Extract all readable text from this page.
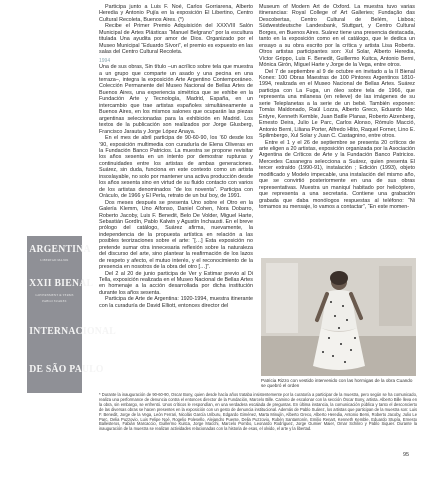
ARGENTINA
LIBERTAD MAJOR
XXII BIENAL
GOVERNMENT & TERMS
PABLO SUAREZ
INTERNACIONAL
DE SÃO PAULO

Participa junto a Luis F. Noé, Carlos Gorriarena, Alberto Heredia y Antonio Pujía en la exposición El Libertino, Centro Cultural Recoleta, Buenos Aires. (*)

Recibe el Primer Premio Adquisición del XXXVIII Salón Municipal de Artes Plásticas “Manuel Belgrano” por la escultura titulada Una ayudita por amor de Dios. Organizado por el Museo Municipal “Eduardo Sívori”, el premio es expuesto en las salas del Centro Cultural Recoleta.

1994

Una de sus obras, Sin título –un acrílico sobre tela que muestra a un grupo que comparte un asado y una pecina en una terraza–, integra la exposición Arte Argentino Contemporáneo. Colección Permanente del Museo Nacional de Bellas Artes de Buenos Aires, una experiencia simétrica que se exhibe en la Fundación Arte y Tecnología, Madrid, España, en un intercambio que trae artistas españoles simultáneamente a Buenos Aires, en los mismos salones que ocuparán las piezas argentinas seleccionadas para la exhibición en Madrid. Los textos de la publicación son realizados por Jorge Glusberg, Francisco Jarauta y Jorge López Anaya.

En el mes de abril participa de 90-60-90, los ’60 desde los ’90, exposición multimedia con curaduría de Elena Oliveras en la Fundación Banco Patricios. La muestra se propone revisitar los años sesenta en un intento por demostrar rupturas y continuidades entre los artistas de ambas generaciones. Suárez, sin duda, funciona en este contexto como un artista insoslayable, no solo por mantener una activa producción desde los años sesenta sino en virtud de su fluido contacto con varios de los artistas denominados “de los noventa”. Participa con Oráculo, de 1966 y El Perla, retrato de un buí boy, de 1991.

Dos meses después se presenta Uno sobre el Otro en la Galería Klemm, Uno Alfonso, Daniel Cohen, Nora Dobarro, Roberto Jacoby, Luis F. Benedit, Belo De Volder, Miguel Harte, Sebastián Gordín, Pablo Kalwin y Agustín Inchausti. En el breve prólogo del catálogo, Suárez afirma, nuevamente, la independencia de la propuesta artística en relación a las posibles teorizaciones sobre el arte: “[…] Esta exposición no pretende sumar otra innecesaria reflexión sobre la naturaleza del discurso del arte, sino plantear la reafirmación de los lazos de respeto y afecto, el mutuo interés, y el reconocimiento de la presencia en nosotros de la obra del otro […]”.

Del 2 al 20 de junio participa de Ver y Estimar previo al Di Tella, exposición realizada en el Museo Nacional de Bellas Artes en homenaje a la acción desarrollada por dicha institución durante los años sesenta.

Participa de Arte de Argentina: 1920-1994, muestra itinerante con la curaduría de David Elliott, entonces director del

Museum of Modern Art de Oxford. La muestra tuvo varias itinerancias: Royal College of Art Galleries; Fundação das Descobertas, Centro Cultural de Belém, Lisboa; Südwestdeutsche Landesbank, Stuttgart, y Centro Cultural Borges, en Buenos Aires. Suárez tiene una presencia destacada, tanto en la exposición como en el catálogo, que le dedica un ensayo a su obra escrito por la crítica y artista Lisa Roberts. Otros artistas participantes son: Xul Solar, Alberto Heredia, Víctor Grippo, Luis F. Benedit, Guillermo Kuitca, Antonio Berni, Mónica Girón, Miguel Harte y Jorge de la Vega, entre otros.

Del 7 de septiembre al 9 de octubre en invitado a la II Bienal Konex: 100 Obras Maestras de 100 Pintores Argentinos 1810-1994, realizada en el Museo Nacional de Bellas Artes. Suárez participa con La Fuga, un óleo sobre tela de 1966, que representa una milanesa (en relieve) de las imágenes de su serie Teleplanetas a la serie de un bebé. También exponen: Tomás Maldonado, Raúl Lozza, Alberto Greco, Eduardo Mac Entyre, Kenneth Kemble, Juan Batlle Planas, Roberto Aizenberg, Ernesto Deira, Julio Le Parc, Carlos Alonso, Rómulo Macció, Antonio Berni, Liliana Porter, Alfredo Hlito, Raquel Forner, Lino E. Spilimbergo, Xul Solar y Juan C. Castagnino, entre otros.

Entre el 1 y el 26 de septiembre se presenta 20 críticos de arte eligen a 20 artistas, exposición organizada por la Asociación Argentina de Críticos de Arte y la Fundación Banco Patricios. Mercedes Casanegra selecciona a Suárez, quien presenta El tercer extraído (1990-91), instalación ; Edición (1993), objeto modificado y Modelo impecable, una instalación del mismo año, que se convirtió posteriormente en una de sus obras representativas. Muestra un maniquí habitado por helicóptero, que representa a una secretaria. Contiene una grabación grabada que daba monólogos respuestas al teléfono: “Ni tomamos su mensaje, lo vamos a contactar”, “En este momen-

Patricia Rizzo con vestido intervenido con las hormigas de la obra Cuando se quebró el orden
* Durante la inauguración de 90-60-90, Oscar Bony, quien desde hacía años trataba insistentemente por la curatoría a participar de la muestra, pero según se ha comunicado, realiza una performance de denuncia contra el entonces director de la Fundación, Marcelo Bille. Camino de escalonar con la sección Óscar Bony, artista. Alberto Bille lleva en la obra, sin embargo, se enfrentó. Unos críticos le respondían, en una verdadera escalada de preguntas. En última instancia, la comunicación pública y tanto el desconcierto de las diversas obras se hacen presentes en la exposición con un gesto de denuncia institucional. Además de Pablo Suárez, los artistas que participan de la muestra son: Luis F. Benedit, Jorge de la Vega, León Ferrari, Nicolás García Uriburu, Edgardo Giménez, Marta Minujín, Alberto Greco, Alberto Heredia, Antonio Berni, Roberto Jacoby, Julio Le Parc, Delia Puzzovio, Luis Felipe Noé, Rogelio Polesello, Alejandro Puente, Delia Puzzovio, Rubén Santantonín, Emilio Renart, Kenneth Kemble, Eduardo Stupía, Ernesto Ballesteros, Fabián Marcaccio, Guillermo Kuitca, Jorge Macchi, Marcelo Pombo, Leonardo Rodríguez, Jorge Gumier Maier, Omar Schiliro y Pablo Siquier. Durante la inauguración de la muestra se realizan actividades relacionadas con la historia de esas, el olvido, el arte y la libertad.
95
